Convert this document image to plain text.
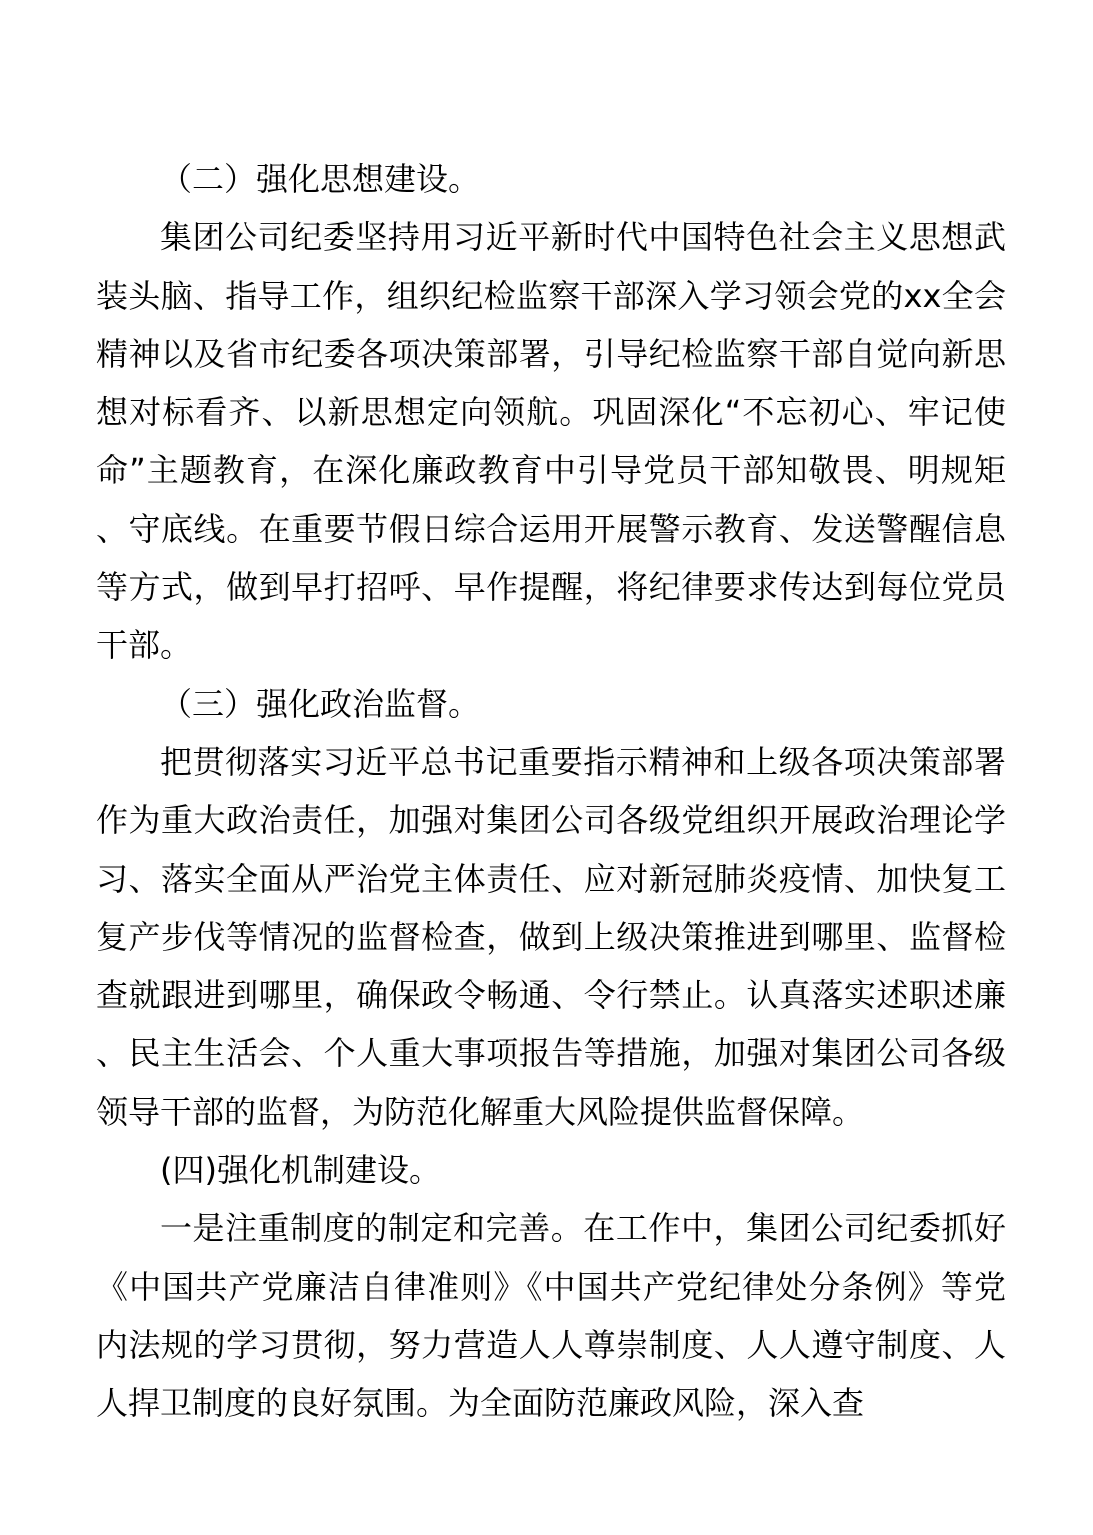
（二）强化思想建设。

集团公司纪委坚持用习近平新时代中国特色社会主义思想武装头脑、指导工作，组织纪检监察干部深入学习领会党的xx全会精神以及省市纪委各项决策部署，引导纪检监察干部自觉向新思想对标看齐、以新思想定向领航。巩固深化“不忘初心、牢记使命”主题教育，在深化廉政教育中引导党员干部知敬畏、明规矩、守底线。在重要节假日综合运用开展警示教育、发送警醒信息等方式，做到早打招呼、早作提醒，将纪律要求传达到每位党员干部。

（三）强化政治监督。

把贯彻落实习近平总书记重要指示精神和上级各项决策部署作为重大政治责任，加强对集团公司各级党组织开展政治理论学习、落实全面从严治党主体责任、应对新冠肺炎疫情、加快复工复产步伐等情况的监督检查，做到上级决策推进到哪里、监督检查就跟进到哪里，确保政令畅通、令行禁止。认真落实述职述廉、民主生活会、个人重大事项报告等措施，加强对集团公司各级领导干部的监督，为防范化解重大风险提供监督保障。

(四)强化机制建设。

一是注重制度的制定和完善。在工作中，集团公司纪委抓好《中国共产党廉洁自律准则》《中国共产党纪律处分条例》等党内法规的学习贯彻，努力营造人人尊崇制度、人人遵守制度、人人捍卫制度的良好氛围。为全面防范廉政风险，深入查
